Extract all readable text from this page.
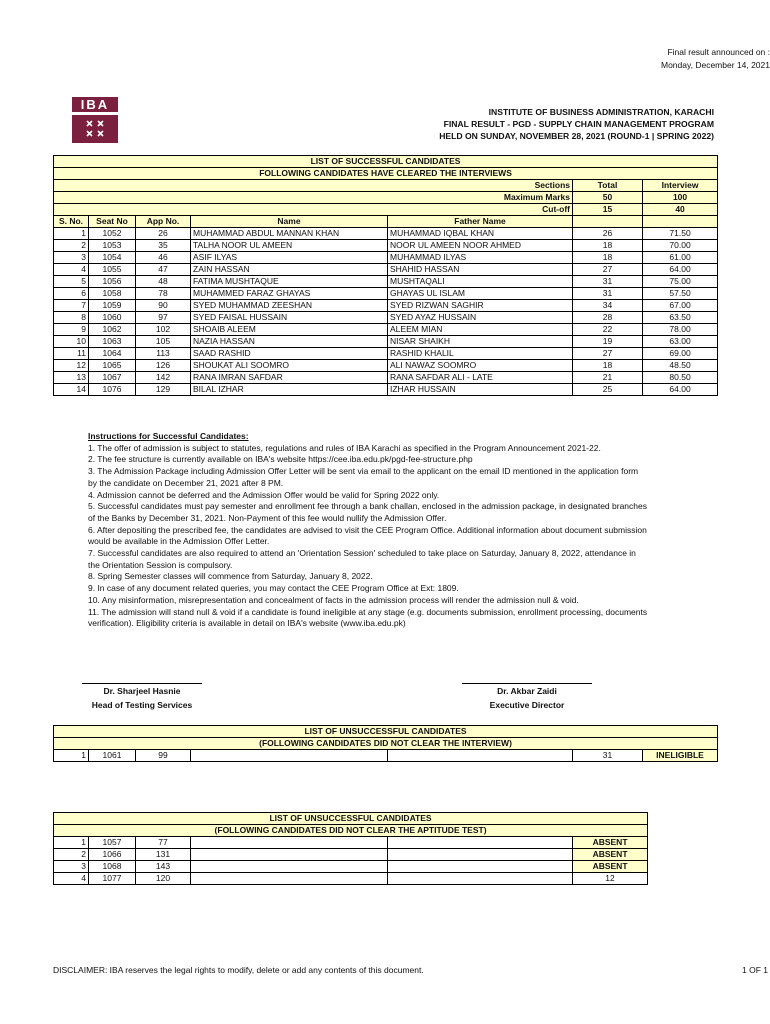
Final result announced on :
Monday, December 14, 2021
IBA	INSTITUTE OF BUSINESS ADMINISTRATION, KARACHI
FINAL RESULT - PGD - SUPPLY CHAIN MANAGEMENT PROGRAM
HELD ON SUNDAY, NOVEMBER 28, 2021 (ROUND-1 | SPRING 2022)
LIST OF SUCCESSFUL CANDIDATES						
FOLLOWING CANDIDATES HAVE CLEARED THE INTERVIEWS						
Sections					Total	Interview
Maximum Marks					50	100
Cut-off					15	40
S. No.	Seat No	App No.	Name	Father Name		
1	1052	26	MUHAMMAD ABDUL MANNAN KHAN	MUHAMMAD IQBAL KHAN	26	71.50
2	1053	35	TALHA NOOR UL AMEEN	NOOR UL AMEEN NOOR AHMED	18	70.00
3	1054	46	ASIF ILYAS	MUHAMMAD ILYAS	18	61.00
4	1055	47	ZAIN HASSAN	SHAHID HASSAN	27	64.00
5	1056	48	FATIMA MUSHTAQUE	MUSHTAQALI	31	75.00
6	1058	78	MUHAMMED FARAZ GHAYAS	GHAYAS UL ISLAM	31	57.50
7	1059	90	SYED MUHAMMAD ZEESHAN	SYED RIZWAN SAGHIR	34	67.00
8	1060	97	SYED FAISAL HUSSAIN	SYED AYAZ HUSSAIN	28	63.50
9	1062	102	SHOAIB ALEEM	ALEEM MIAN	22	78.00
10	1063	105	NAZIA HASSAN	NISAR SHAIKH	19	63.00
11	1064	113	SAAD RASHID	RASHID KHALIL	27	69.00
12	1065	126	SHOUKAT ALI SOOMRO	ALI NAWAZ SOOMRO	18	48.50
13	1067	142	RANA IMRAN SAFDAR	RANA SAFDAR ALI - LATE	21	80.50
14	1076	129	BILAL IZHAR	IZHAR HUSSAIN	25	64.00
Instructions for Successful Candidates:
1. The offer of admission is subject to statutes, regulations and rules of IBA Karachi as specified in the Program Announcement 2021-22.
2. The fee structure is currently available on IBA's website https://cee.iba.edu.pk/pgd-fee-structure.php
3. The Admission Package including Admission Offer Letter will be sent via email to the applicant on the email ID mentioned in the application form by the candidate on December 21, 2021 after 8 PM.
4. Admission cannot be deferred and the Admission Offer would be valid for Spring 2022 only.
5. Successful candidates must pay semester and enrollment fee through a bank challan, enclosed in the admission package, in designated branches of the Banks by December 31, 2021. Non-Payment of this fee would nullify the Admission Offer.
6. After depositing the prescribed fee, the candidates are advised to visit the CEE Program Office. Additional information about document submission would be available in the Admission Offer Letter.
7. Successful candidates are also required to attend an 'Orientation Session' scheduled to take place on Saturday, January 8, 2022, attendance in the Orientation Session is compulsory.
8. Spring Semester classes will commence from Saturday, January 8, 2022.
9. In case of any document related queries, you may contact the CEE Program Office at Ext: 1809.
10. Any misinformation, misrepresentation and concealment of facts in the admission process will render the admission null & void.
11. The admission will stand null & void if a candidate is found ineligible at any stage (e.g. documents submission, enrollment processing, documents verification). Eligibility criteria is available in detail on IBA's website (www.iba.edu.pk)
Dr. Sharjeel Hasnie
Head of Testing Services
Dr. Akbar Zaidi
Executive Director
LIST OF UNSUCCESSFUL CANDIDATES
(FOLLOWING CANDIDATES DID NOT CLEAR THE INTERVIEW)
1	1061	99			31	INELIGIBLE
LIST OF UNSUCCESSFUL CANDIDATES					
(FOLLOWING CANDIDATES DID NOT CLEAR THE APTITUDE TEST)					
1	1057	77			ABSENT
2	1066	131			ABSENT
3	1068	143			ABSENT
4	1077	120			12
DISCLAIMER: IBA reserves the legal rights to modify, delete or add any contents of this document.	1 OF 1
